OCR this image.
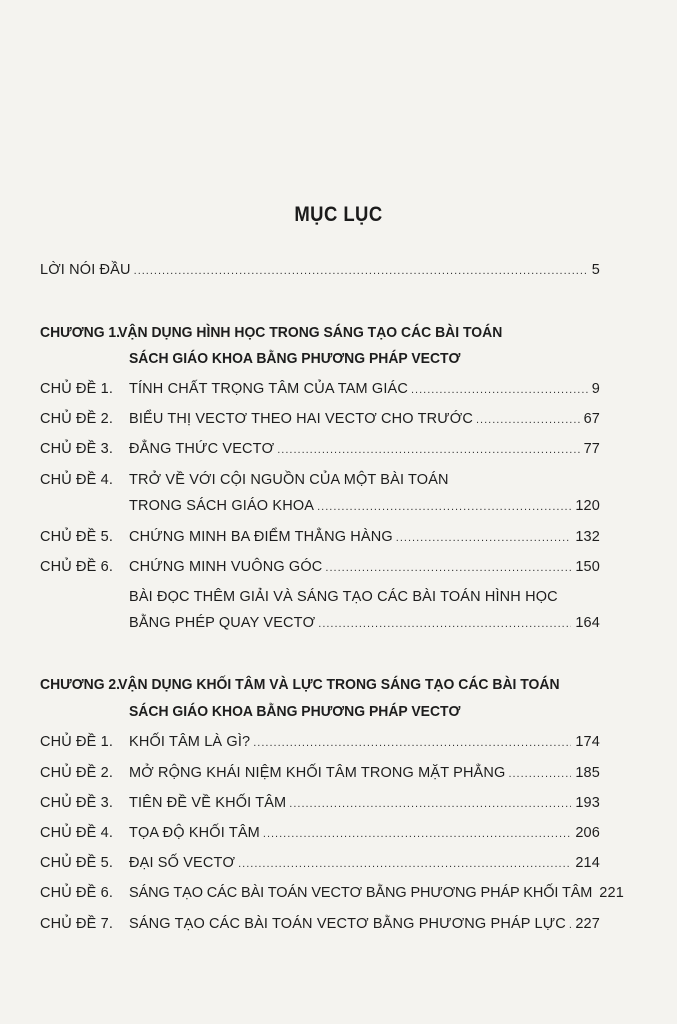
MỤC LỤC
LỜI NÓI ĐẦU .....	5
CHƯƠNG 1.
VẬN DỤNG HÌNH HỌC TRONG SÁNG TẠO CÁC BÀI TOÁN
SÁCH GIÁO KHOA BẰNG PHƯƠNG PHÁP VECTƠ
CHỦ ĐỀ 1. TÍNH CHẤT TRỌNG TÂM CỦA TAM GIÁC .....	9
CHỦ ĐỀ 2. BIỂU THỊ VECTƠ THEO HAI VECTƠ CHO TRƯỚC .....	67
CHỦ ĐỀ 3. ĐẲNG THỨC VECTƠ .....	77
CHỦ ĐỀ 4. TRỞ VỀ VỚI CỘI NGUỒN CỦA MỘT BÀI TOÁN
TRONG SÁCH GIÁO KHOA .....	120
CHỦ ĐỀ 5. CHỨNG MINH BA ĐIỂM THẲNG HÀNG .....	132
CHỦ ĐỀ 6. CHỨNG MINH VUÔNG GÓC .....	150
BÀI ĐỌC THÊM GIẢI VÀ SÁNG TẠO CÁC BÀI TOÁN HÌNH HỌC
BẰNG PHÉP QUAY VECTƠ .....	164
CHƯƠNG 2.
VẬN DỤNG KHỐI TÂM VÀ LỰC TRONG SÁNG TẠO CÁC BÀI TOÁN
SÁCH GIÁO KHOA BẰNG PHƯƠNG PHÁP VECTƠ
CHỦ ĐỀ 1. KHỐI TÂM LÀ GÌ? .....	174
CHỦ ĐỀ 2. MỞ RỘNG KHÁI NIỆM KHỐI TÂM TRONG MẶT PHẲNG .....	185
CHỦ ĐỀ 3. TIÊN ĐỀ VỀ KHỐI TÂM .....	193
CHỦ ĐỀ 4. TỌA ĐỘ KHỐI TÂM .....	206
CHỦ ĐỀ 5. ĐẠI SỐ VECTƠ .....	214
CHỦ ĐỀ 6. SÁNG TẠO CÁC BÀI TOÁN VECTƠ BẰNG PHƯƠNG PHÁP KHỐI TÂM 221
CHỦ ĐỀ 7. SÁNG TẠO CÁC BÀI TOÁN VECTƠ BẰNG PHƯƠNG PHÁP LỰC ..... 227
